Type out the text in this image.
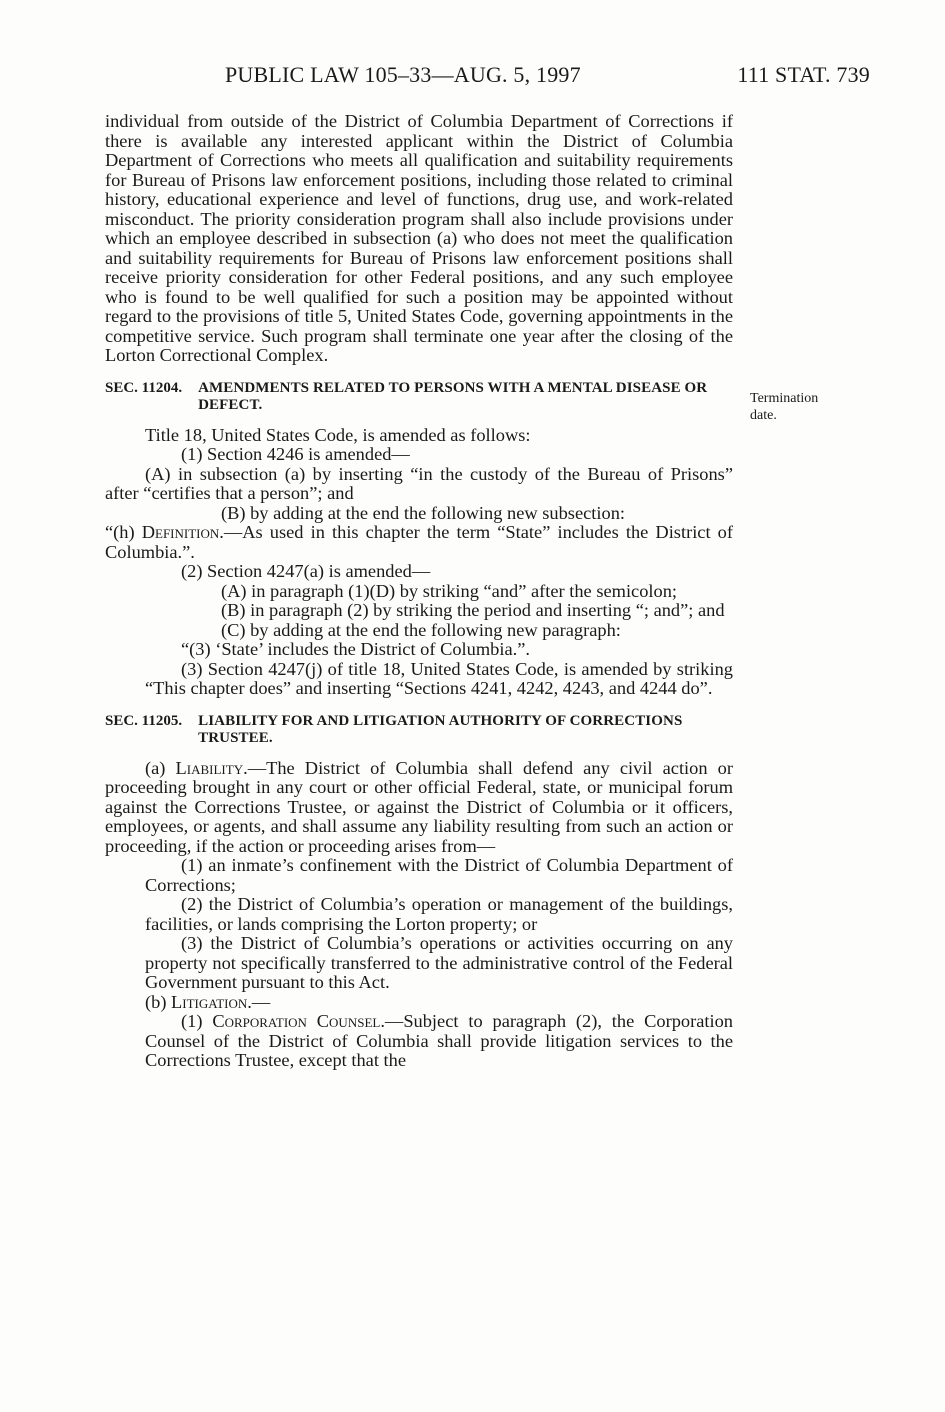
PUBLIC LAW 105–33—AUG. 5, 1997	111 STAT. 739
Termination
date.

individual from outside of the District of Columbia Department of Corrections if there is available any interested applicant within the District of Columbia Department of Corrections who meets all qualification and suitability requirements for Bureau of Prisons law enforcement positions, including those related to criminal history, educational experience and level of functions, drug use, and work-related misconduct. The priority consideration program shall also include provisions under which an employee described in subsection (a) who does not meet the qualification and suitability requirements for Bureau of Prisons law enforcement positions shall receive priority consideration for other Federal positions, and any such employee who is found to be well qualified for such a position may be appointed without regard to the provisions of title 5, United States Code, governing appointments in the competitive service. Such program shall terminate one year after the closing of the Lorton Correctional Complex.

SEC. 11204.	AMENDMENTS RELATED TO PERSONS WITH A MENTAL DISEASE OR DEFECT.

Title 18, United States Code, is amended as follows:

(1) Section 4246 is amended—

(A) in subsection (a) by inserting “in the custody of the Bureau of Prisons” after “certifies that a person”; and

(B) by adding at the end the following new subsection:

“(h) Definition.—As used in this chapter the term “State” includes the District of Columbia.”.

(2) Section 4247(a) is amended—

(A) in paragraph (1)(D) by striking “and” after the semicolon;

(B) in paragraph (2) by striking the period and inserting “; and”; and

(C) by adding at the end the following new paragraph:

“(3) ‘State’ includes the District of Columbia.”.

(3) Section 4247(j) of title 18, United States Code, is amended by striking “This chapter does” and inserting “Sections 4241, 4242, 4243, and 4244 do”.

SEC. 11205.	LIABILITY FOR AND LITIGATION AUTHORITY OF CORRECTIONS TRUSTEE.

(a) Liability.—The District of Columbia shall defend any civil action or proceeding brought in any court or other official Federal, state, or municipal forum against the Corrections Trustee, or against the District of Columbia or it officers, employees, or agents, and shall assume any liability resulting from such an action or proceeding, if the action or proceeding arises from—

(1) an inmate’s confinement with the District of Columbia Department of Corrections;

(2) the District of Columbia’s operation or management of the buildings, facilities, or lands comprising the Lorton property; or

(3) the District of Columbia’s operations or activities occurring on any property not specifically transferred to the administrative control of the Federal Government pursuant to this Act.

(b) Litigation.—

(1) Corporation Counsel.—Subject to paragraph (2), the Corporation Counsel of the District of Columbia shall provide litigation services to the Corrections Trustee, except that the
